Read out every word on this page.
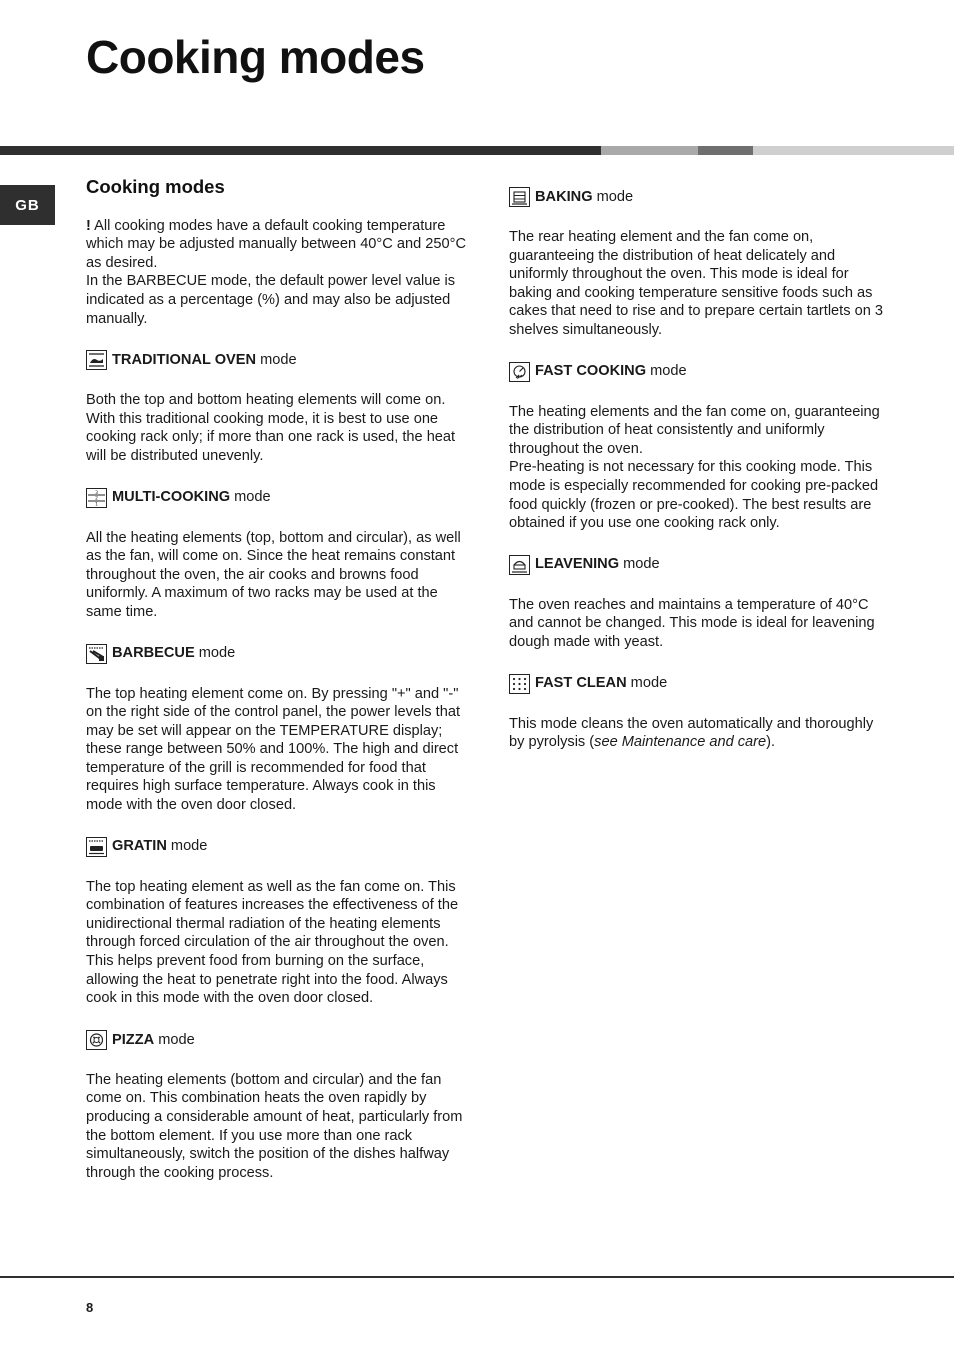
Cooking modes
GB
Cooking modes

! All cooking modes have a default cooking temperature which may be adjusted manually between 40°C and 250°C as desired.

In the BARBECUE mode, the default power level value is indicated as a percentage (%) and may also be adjusted manually.

TRADITIONAL OVEN mode

Both the top and bottom heating elements will come on. With this traditional cooking mode, it is best to use one cooking rack only; if more than one rack is used, the heat will be distributed unevenly.

3
2
1 MULTI-COOKING mode

All the heating elements (top, bottom and circular), as well as the fan, will come on. Since the heat remains constant throughout the oven, the air cooks and browns food uniformly. A maximum of two racks may be used at the same time.

BARBECUE mode

The top heating element come on. By pressing "+" and "-" on the right side of the control panel, the power levels that may be set will appear on the TEMPERATURE display; these range between 50% and 100%. The high and direct temperature of the grill is recommended for food that requires high surface temperature. Always cook in this mode with the oven door closed.

GRATIN mode

The top heating element as well as the fan come on. This combination of features increases the effectiveness of the unidirectional thermal radiation of the heating elements through forced circulation of the air throughout the oven.

This helps prevent food from burning on the surface, allowing the heat to penetrate right into the food. Always cook in this mode with the oven door closed.

PIZZA mode

The heating elements (bottom and circular) and the fan come on. This combination heats the oven rapidly by producing a considerable amount of heat, particularly from the bottom element. If you use more than one rack simultaneously, switch the position of the dishes halfway through the cooking process.

BAKING mode

The rear heating element and the fan come on, guaranteeing the distribution of heat delicately and uniformly throughout the oven. This mode is ideal for baking and cooking temperature sensitive foods such as cakes that need to rise and to prepare certain tartlets on 3 shelves simultaneously.

FAST COOKING mode

The heating elements and the fan come on, guaranteeing the distribution of heat consistently and uniformly throughout the oven.

Pre-heating is not necessary for this cooking mode. This mode is especially recommended for cooking pre-packed food quickly (frozen or pre-cooked). The best results are obtained if you use one cooking rack only.

LEAVENING mode

The oven reaches and maintains a temperature of 40°C and cannot be changed. This mode is ideal for leavening dough made with yeast.

FAST CLEAN mode

This mode cleans the oven automatically and thoroughly by pyrolysis (see Maintenance and care).

8
